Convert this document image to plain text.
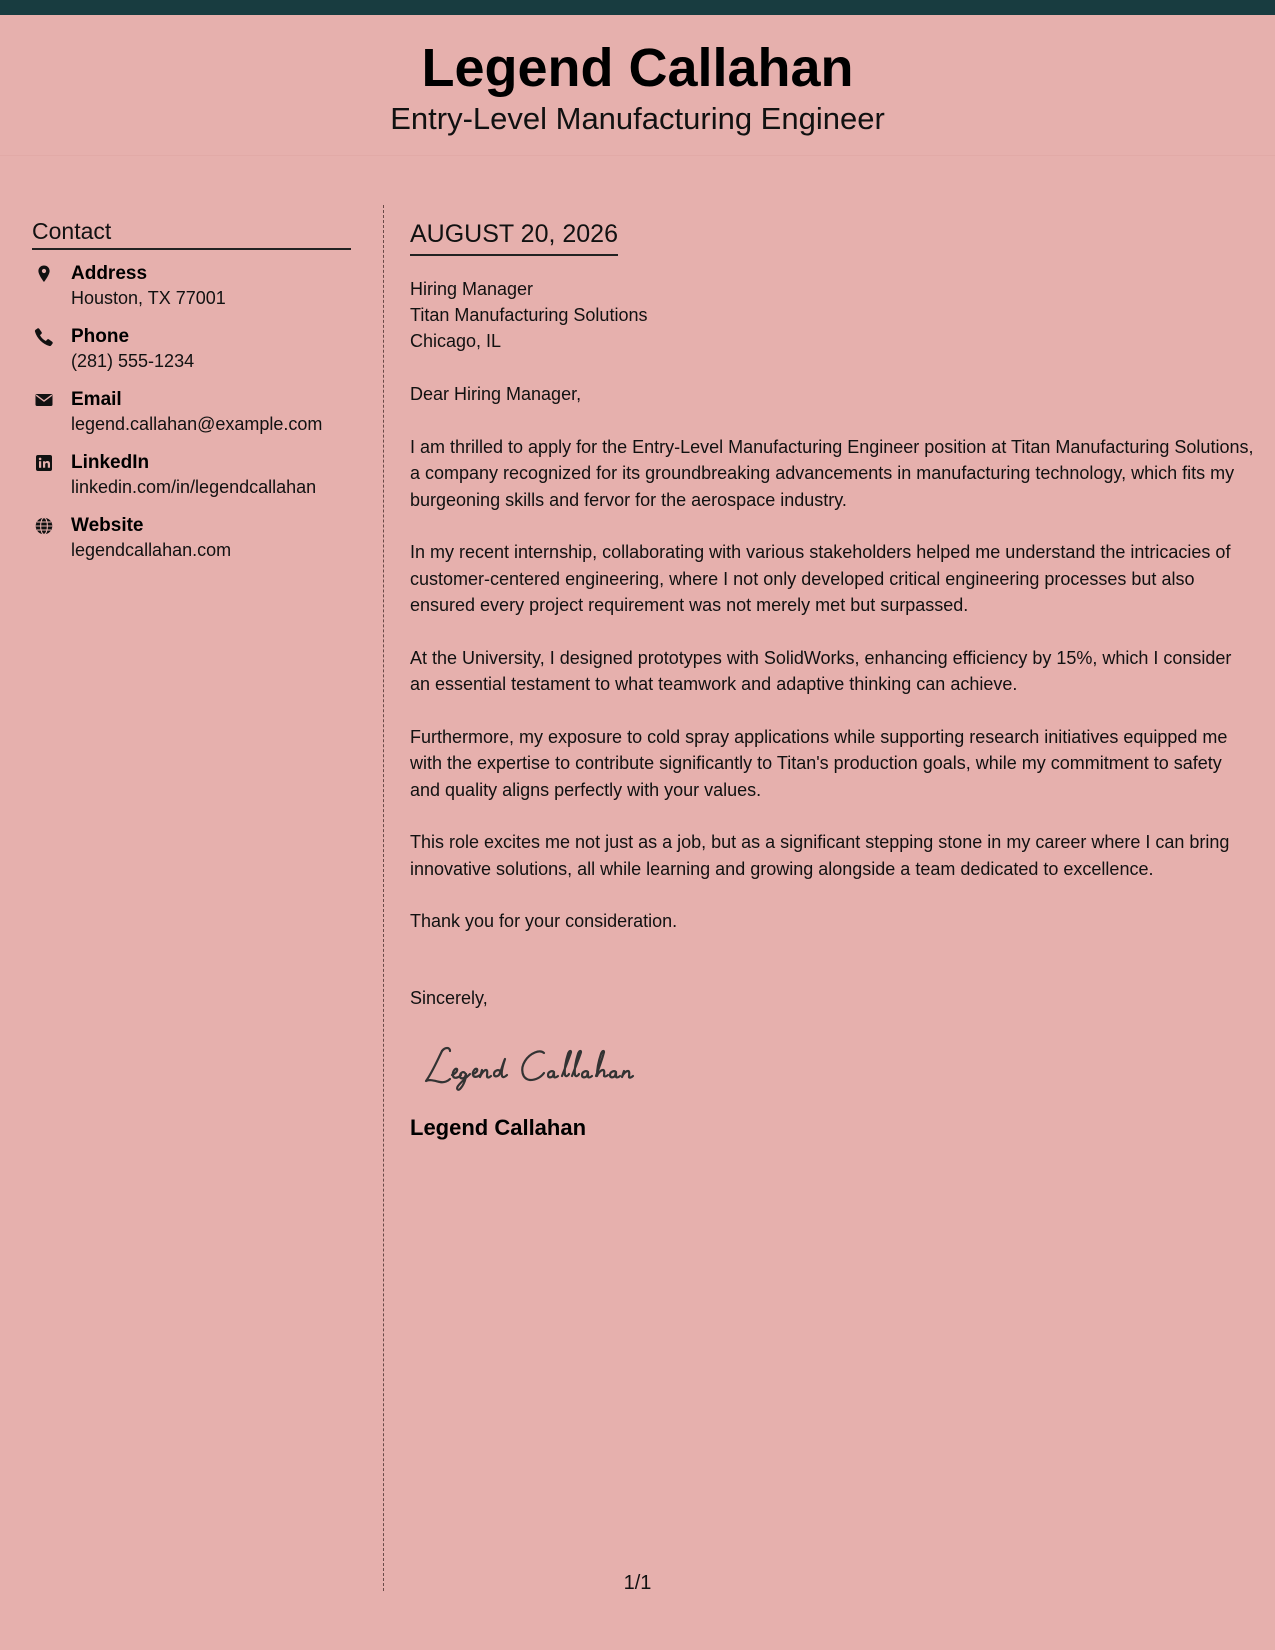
Legend Callahan
Entry-Level Manufacturing Engineer
Contact
Address
Houston, TX 77001
Phone
(281) 555-1234
Email
legend.callahan@example.com
LinkedIn
linkedin.com/in/legendcallahan
Website
legendcallahan.com
AUGUST 20, 2026
Hiring Manager
Titan Manufacturing Solutions
Chicago, IL

Dear Hiring Manager,

I am thrilled to apply for the Entry-Level Manufacturing Engineer position at Titan Manufacturing Solutions, a company recognized for its groundbreaking advancements in manufacturing technology, which fits my burgeoning skills and fervor for the aerospace industry.

In my recent internship, collaborating with various stakeholders helped me understand the intricacies of customer-centered engineering, where I not only developed critical engineering processes but also ensured every project requirement was not merely met but surpassed.

At the University, I designed prototypes with SolidWorks, enhancing efficiency by 15%, which I consider an essential testament to what teamwork and adaptive thinking can achieve.

Furthermore, my exposure to cold spray applications while supporting research initiatives equipped me with the expertise to contribute significantly to Titan's production goals, while my commitment to safety and quality aligns perfectly with your values.

This role excites me not just as a job, but as a significant stepping stone in my career where I can bring innovative solutions, all while learning and growing alongside a team dedicated to excellence.

Thank you for your consideration.

Sincerely,
Legend Callahan
1/1
